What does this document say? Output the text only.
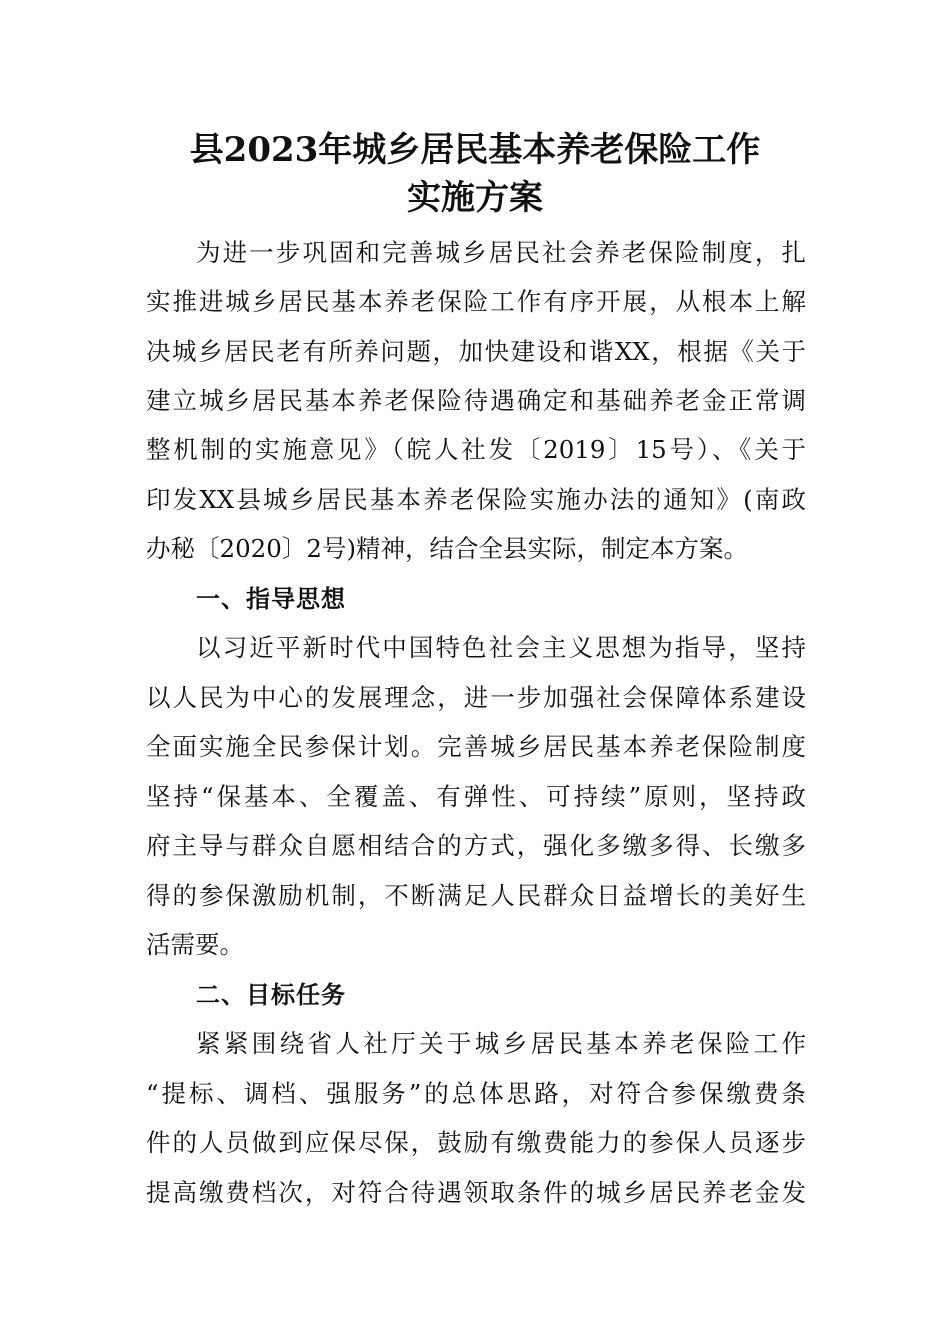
县2023年城乡居民基本养老保险工作
实施方案
为进一步巩固和完善城乡居民社会养老保险制度，扎
实推进城乡居民基本养老保险工作有序开展，从根本上解
决城乡居民老有所养问题，加快建设和谐XX，根据《关于
建立城乡居民基本养老保险待遇确定和基础养老金正常调
整机制的实施意见》（皖人社发〔2019〕15号）、《关于
印发XX县城乡居民基本养老保险实施办法的通知》(南政
办秘〔2020〕2号)精神，结合全县实际，制定本方案。
一、指导思想
以习近平新时代中国特色社会主义思想为指导，坚持
以人民为中心的发展理念，进一步加强社会保障体系建设
全面实施全民参保计划。完善城乡居民基本养老保险制度
坚持“保基本、全覆盖、有弹性、可持续”原则，坚持政
府主导与群众自愿相结合的方式，强化多缴多得、长缴多
得的参保激励机制，不断满足人民群众日益增长的美好生
活需要。
二、目标任务
紧紧围绕省人社厅关于城乡居民基本养老保险工作
“提标、调档、强服务”的总体思路，对符合参保缴费条
件的人员做到应保尽保，鼓励有缴费能力的参保人员逐步
提高缴费档次，对符合待遇领取条件的城乡居民养老金发
